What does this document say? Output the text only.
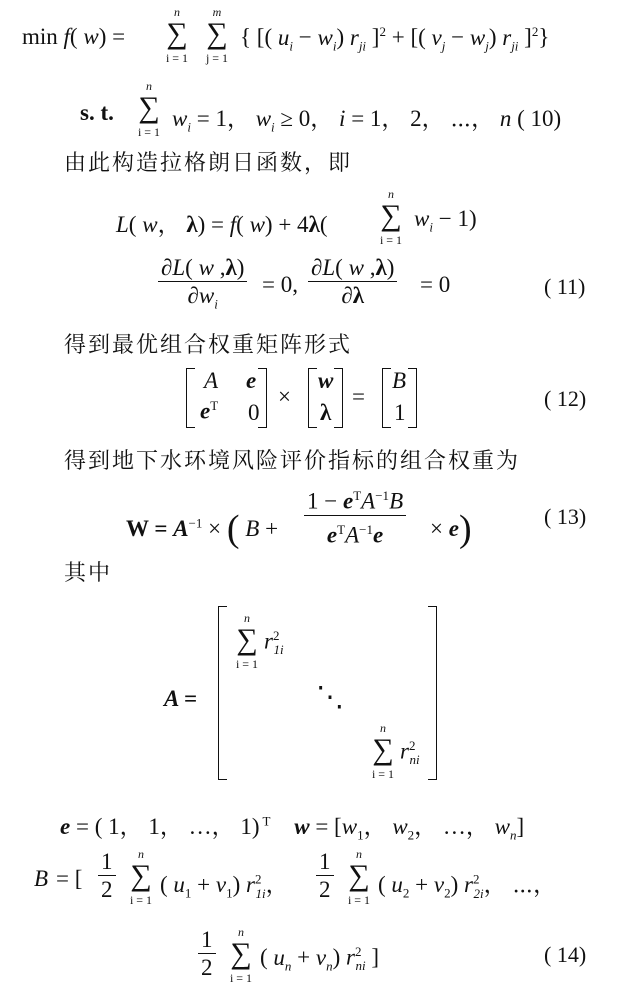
min f( w) =
n
∑
i = 1
m
∑
j = 1
{ [( $u_i - w_i$) $r_{ji}$ ]$^2$ + [( $v_j - w_j$) $r_{ji}$ ]$^2$}
s. t.
n
∑
i = 1
$w_i = 1$， $w_i \ge 0$， i = 1， 2， ⋯， n ( 10)
由此构造拉格朗日函数，即
L( w， λ) = f( w) + 4λ(
n
∑
i = 1
$w_i - 1$)
$\frac{\partial L( w ,\lambda)}{\partial w_i} = 0$, $\frac{\partial L( w ,\lambda)}{\partial\lambda} = 0$	( 11)
得到最优组合权重矩阵形式
A e
$e^T$ 0
×
w
λ
=
B
1
( 12)
得到地下水环境风险评价指标的组合权重为
$W = A^{-1}$ × ( B +
$1 - e^TA^{-1}B$
$e^TA^{-1}e$	× e)	( 13)
其中
A =
n
∑
i = 1
$r^2_{1i}$
⋱
n
∑
i = 1
$r^2_{ni}$
e = ( 1， 1， …， 1) $^T$ $w = [w_1$， $w_2$， …， $w_n$]
B = [ $\frac{1}{2}$	n
∑
i = 1
( $u_1 + v_1$) $r^2_{1i}$， $\frac{1}{2}$	n
∑
i = 1
( $u_2 + v_2$) $r^2_{2i}$， ⋯，
$\frac{1}{2}$	n
∑
i = 1
( $u_n + v_n$) $r^2_{ni}$ ]	( 14)
